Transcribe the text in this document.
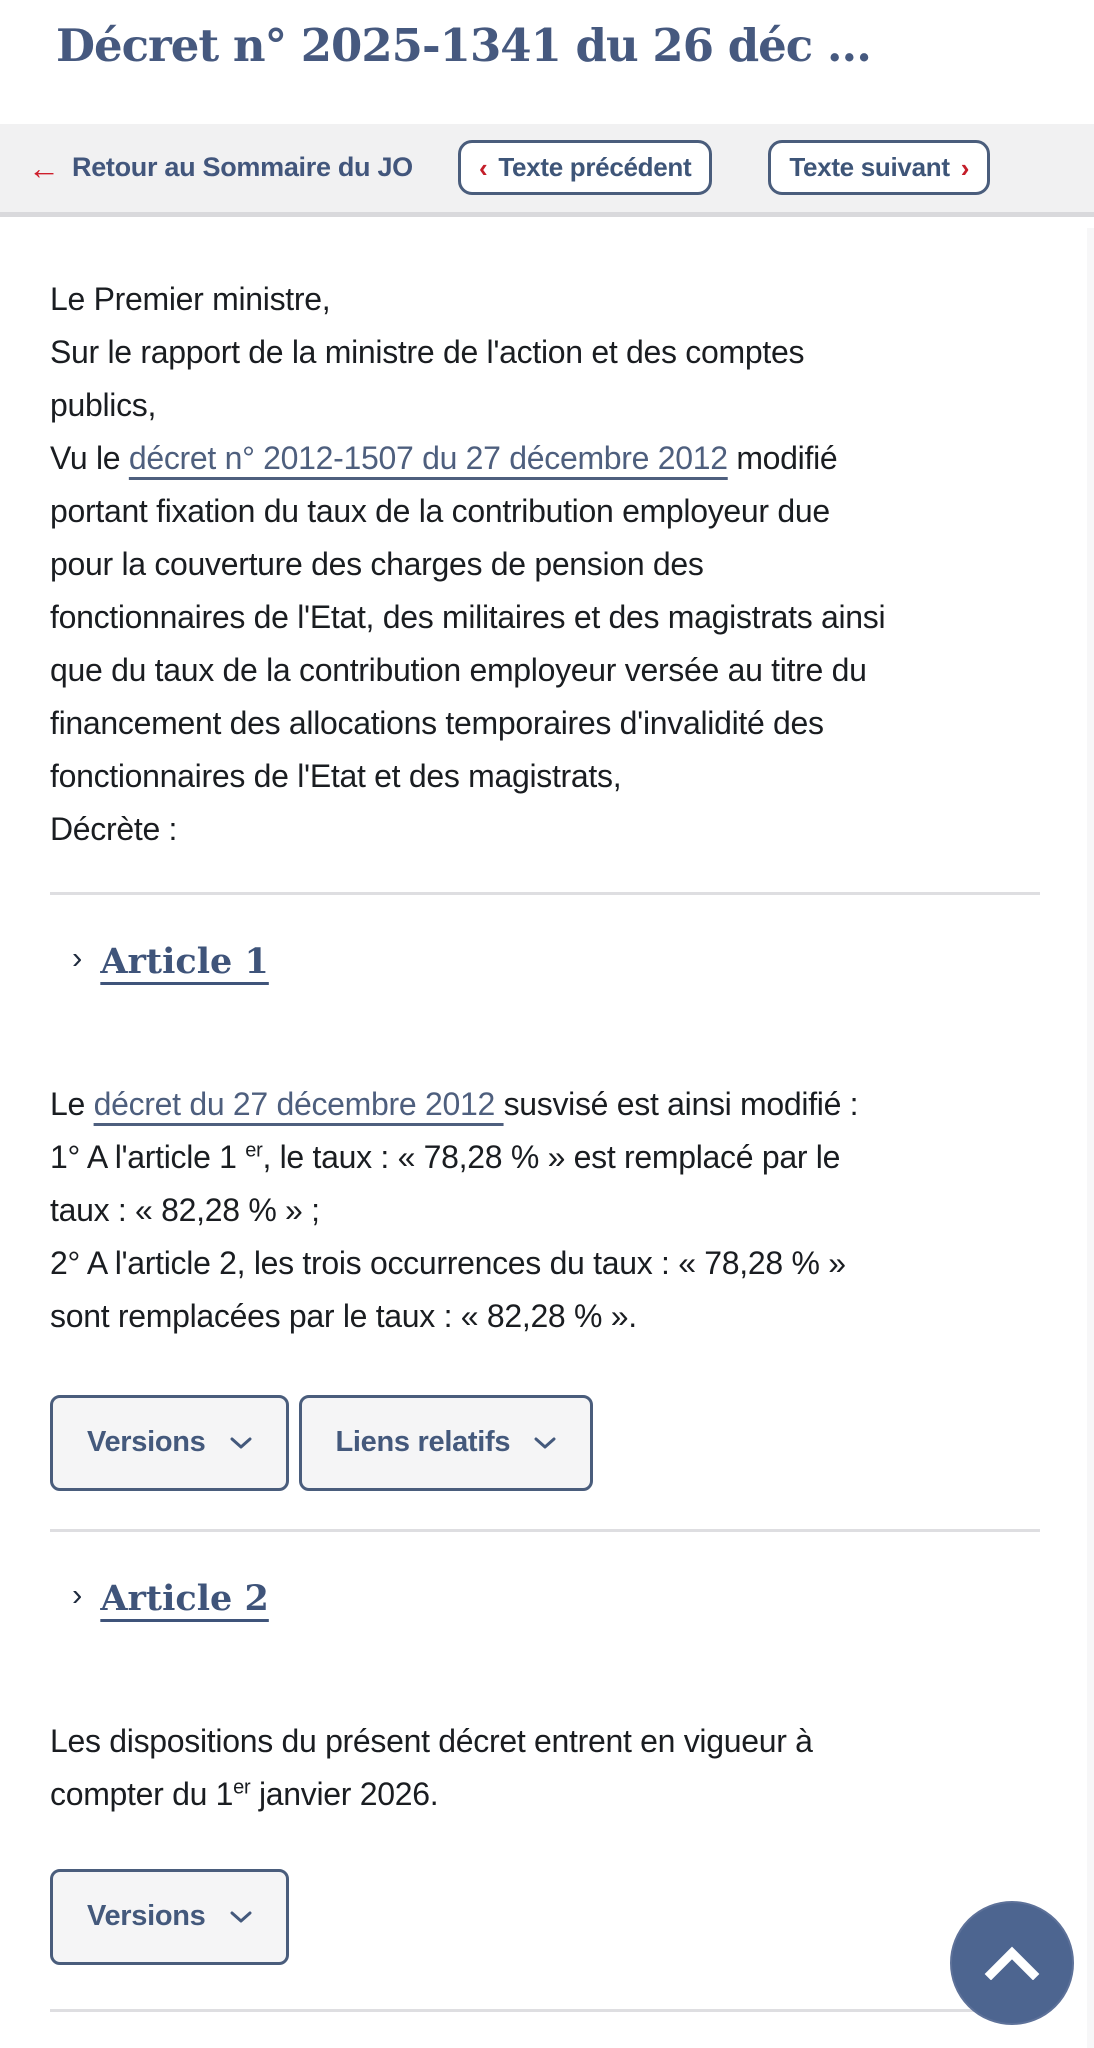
Décret n° 2025-1341 du 26 déc ...
← Retour au Sommaire du JO	‹ Texte précédent	Texte suivant ›

Le Premier ministre,

Sur le rapport de la ministre de l'action et des comptes

publics,

Vu le décret n° 2012-1507 du 27 décembre 2012 modifié

portant fixation du taux de la contribution employeur due

pour la couverture des charges de pension des

fonctionnaires de l'Etat, des militaires et des magistrats ainsi

que du taux de la contribution employeur versée au titre du

financement des allocations temporaires d'invalidité des

fonctionnaires de l'Etat et des magistrats,

Décrète :

› Article 1

Le décret du 27 décembre 2012 susvisé est ainsi modifié :

1° A l'article 1 $^{er}$, le taux : « 78,28 % » est remplacé par le

taux : « 82,28 % » ;

2° A l'article 2, les trois occurrences du taux : « 78,28 % »

sont remplacées par le taux : « 82,28 % ».

Versions	Liens relatifs
› Article 2

Les dispositions du présent décret entrent en vigueur à

compter du 1er janvier 2026.

Versions
